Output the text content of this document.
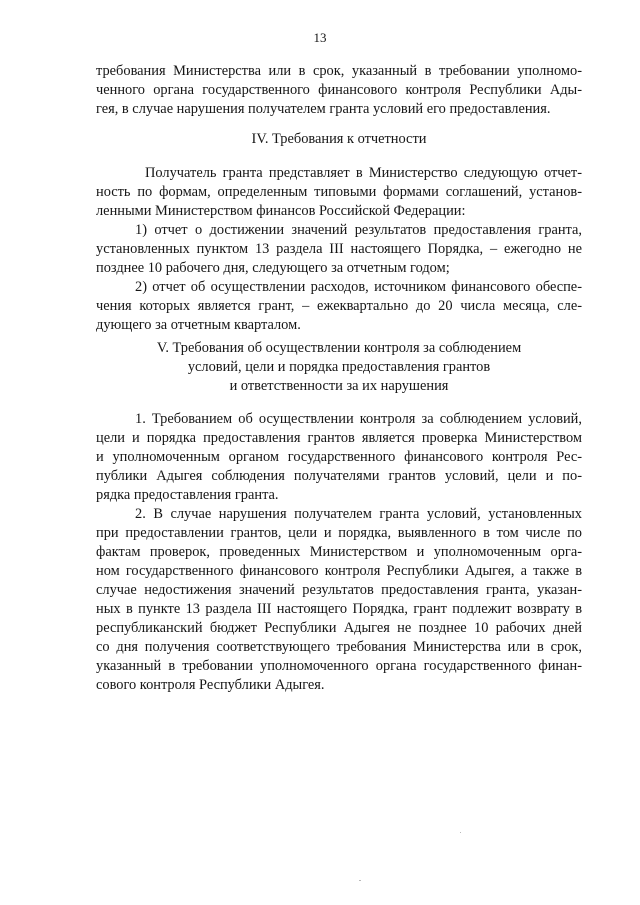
13

требования Министерства или в срок, указанный в требовании уполномо-

ченного органа государственного финансового контроля Республики Ады-

гея, в случае нарушения получателем гранта условий его предоставления.

IV. Требования к отчетности

Получатель гранта представляет в Министерство следующую отчет-

ность по формам, определенным типовыми формами соглашений, установ-

ленными Министерством финансов Российской Федерации:

1) отчет о достижении значений результатов предоставления гранта,

установленных пунктом 13 раздела III настоящего Порядка, – ежегодно не

позднее 10 рабочего дня, следующего за отчетным годом;

2) отчет об осуществлении расходов, источником финансового обеспе-

чения которых является грант, – ежеквартально до 20 числа месяца, сле-

дующего за отчетным кварталом.

V. Требования об осуществлении контроля за соблюдением
условий, цели и порядка предоставления грантов
и ответственности за их нарушения

1. Требованием об осуществлении контроля за соблюдением условий,

цели и порядка предоставления грантов является проверка Министерством

и уполномоченным органом государственного финансового контроля Рес-

публики Адыгея соблюдения получателями грантов условий, цели и по-

рядка предоставления гранта.

2. В случае нарушения получателем гранта условий, установленных

при предоставлении грантов, цели и порядка, выявленного в том числе по

фактам проверок, проведенных Министерством и уполномоченным орга-

ном государственного финансового контроля Республики Адыгея, а также в

случае недостижения значений результатов предоставления гранта, указан-

ных в пункте 13 раздела III настоящего Порядка, грант подлежит возврату в

республиканский бюджет Республики Адыгея не позднее 10 рабочих дней

со дня получения соответствующего требования Министерства или в срок,

указанный в требовании уполномоченного органа государственного финан-

сового контроля Республики Адыгея.
